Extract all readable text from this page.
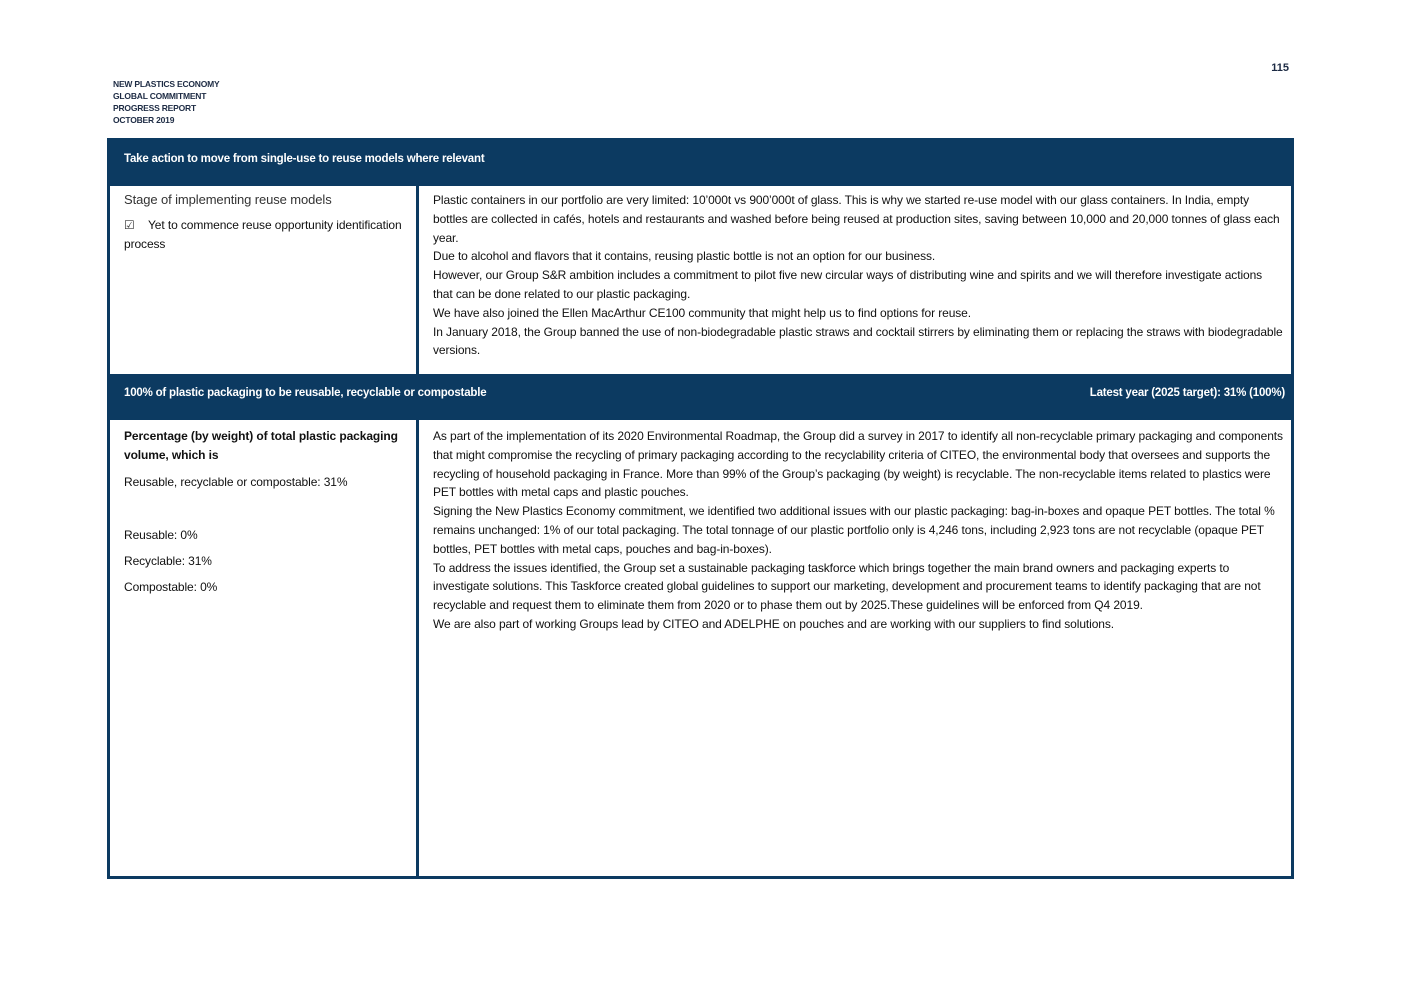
NEW PLASTICS ECONOMY
GLOBAL COMMITMENT
PROGRESS REPORT
OCTOBER 2019
115
Take action to move from single-use to reuse models where relevant
Stage of implementing reuse models
☑ Yet to commence reuse opportunity identification process

Plastic containers in our portfolio are very limited: 10’000t vs 900’000t of glass. This is why we started re-use model with our glass containers. In India, empty bottles are collected in cafés, hotels and restaurants and washed before being reused at production sites, saving between 10,000 and 20,000 tonnes of glass each year.

Due to alcohol and flavors that it contains, reusing plastic bottle is not an option for our business.

However, our Group S&R ambition includes a commitment to pilot five new circular ways of distributing wine and spirits and we will therefore investigate actions that can be done related to our plastic packaging.

We have also joined the Ellen MacArthur CE100 community that might help us to find options for reuse.

In January 2018, the Group banned the use of non-biodegradable plastic straws and cocktail stirrers by eliminating them or replacing the straws with biodegradable versions.

100% of plastic packaging to be reusable, recyclable or compostable	Latest year (2025 target): 31% (100%)
Percentage (by weight) of total plastic packaging volume, which is
Reusable, recyclable or compostable: 31%
Reusable: 0%
Recyclable: 31%
Compostable: 0%

As part of the implementation of its 2020 Environmental Roadmap, the Group did a survey in 2017 to identify all non-recyclable primary packaging and components that might compromise the recycling of primary packaging according to the recyclability criteria of CITEO, the environmental body that oversees and supports the recycling of household packaging in France. More than 99% of the Group’s packaging (by weight) is recyclable. The non-recyclable items related to plastics were PET bottles with metal caps and plastic pouches.

Signing the New Plastics Economy commitment, we identified two additional issues with our plastic packaging: bag-in-boxes and opaque PET bottles. The total % remains unchanged: 1% of our total packaging. The total tonnage of our plastic portfolio only is 4,246 tons, including 2,923 tons are not recyclable (opaque PET bottles, PET bottles with metal caps, pouches and bag-in-boxes).

To address the issues identified, the Group set a sustainable packaging taskforce which brings together the main brand owners and packaging experts to investigate solutions. This Taskforce created global guidelines to support our marketing, development and procurement teams to identify packaging that are not recyclable and request them to eliminate them from 2020 or to phase them out by 2025.These guidelines will be enforced from Q4 2019.

We are also part of working Groups lead by CITEO and ADELPHE on pouches and are working with our suppliers to find solutions.
